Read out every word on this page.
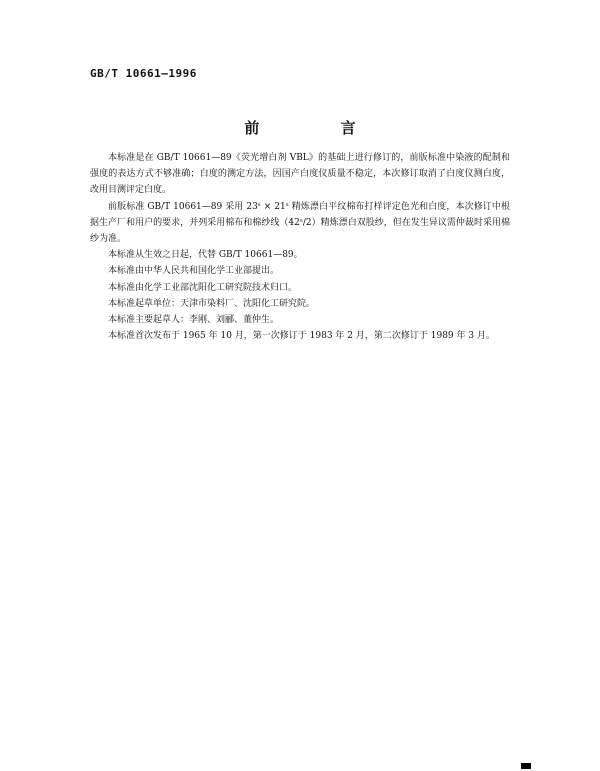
GB/T 10661—1996
前 言

本标准是在 GB/T 10661—89《荧光增白剂 VBL》的基础上进行修订的，前版标准中染液的配制和强度的表达方式不够准确；白度的测定方法，因国产白度仪质量不稳定，本次修订取消了白度仪测白度，改用目测评定白度。

前版标准 GB/T 10661—89 采用 23ˢ × 21ˢ 精炼漂白平纹棉布打样评定色光和白度，本次修订中根据生产厂和用户的要求，并列采用棉布和棉纱线（42ˢ/2）精炼漂白双股纱，但在发生异议需仲裁时采用棉纱为准。

本标准从生效之日起，代替 GB/T 10661—89。

本标准由中华人民共和国化学工业部提出。

本标准由化学工业部沈阳化工研究院技术归口。

本标准起草单位：天津市染料厂、沈阳化工研究院。

本标准主要起草人：李刚、刘郦、董仲生。

本标准首次发布于 1965 年 10 月，第一次修订于 1983 年 2 月，第二次修订于 1989 年 3 月。
